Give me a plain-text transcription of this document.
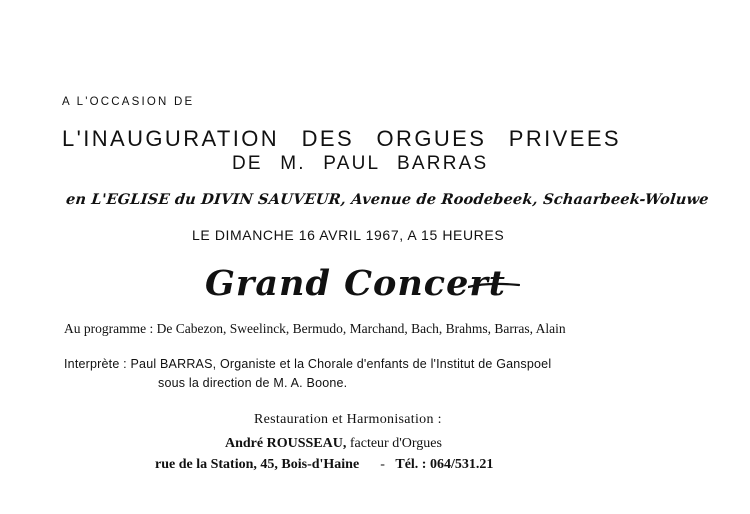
A L'OCCASION DE
L'INAUGURATION DES ORGUES PRIVEES
DE M. PAUL BARRAS
en L'EGLISE du DIVIN SAUVEUR, Avenue de Roodebeek, Schaarbeek-Woluwe
LE DIMANCHE 16 AVRIL 1967, A 15 HEURES
Grand Concert
Au programme : De Cabezon, Sweelinck, Bermudo, Marchand, Bach, Brahms, Barras, Alain
Interprète : Paul BARRAS, Organiste et la Chorale d'enfants de l'Institut de Ganspoel
sous la direction de M. A. Boone.
Restauration et Harmonisation :
André ROUSSEAU, facteur d'Orgues
rue de la Station, 45, Bois-d'Haine - Tél. : 064/531.21
